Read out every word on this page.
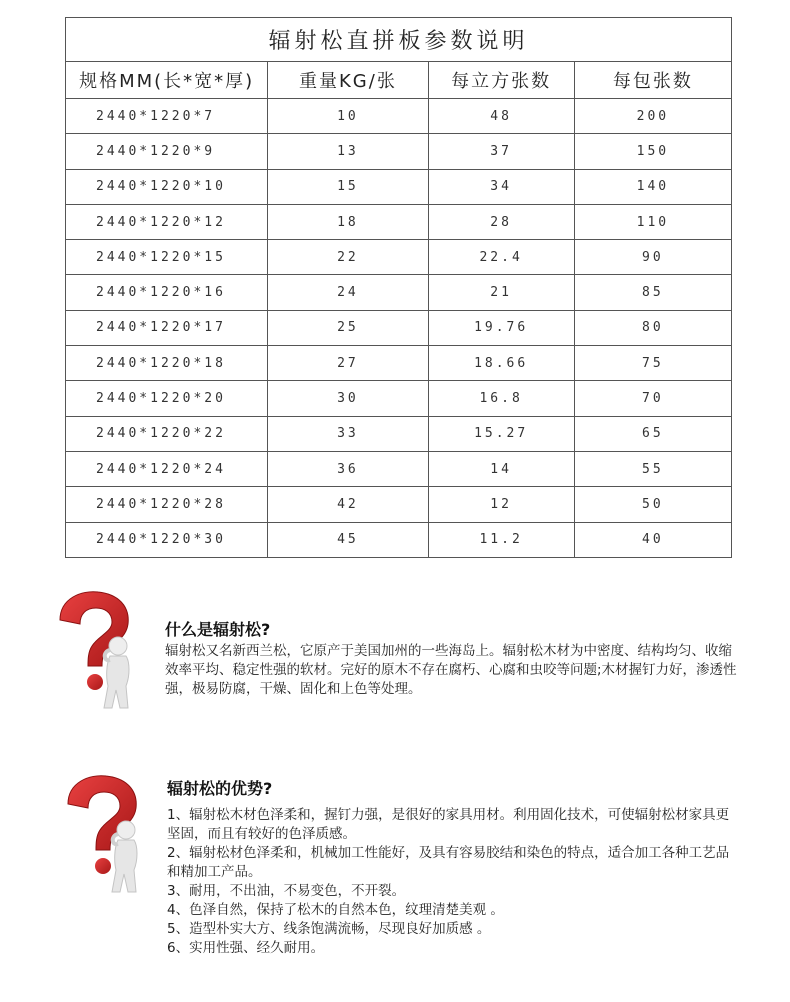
辐射松直拼板参数说明			
规格MM(长*宽*厚)	重量KG/张	每立方张数	每包张数
2440*1220*7	10	48	200
2440*1220*9	13	37	150
2440*1220*10	15	34	140
2440*1220*12	18	28	110
2440*1220*15	22	22.4	90
2440*1220*16	24	21	85
2440*1220*17	25	19.76	80
2440*1220*18	27	18.66	75
2440*1220*20	30	16.8	70
2440*1220*22	33	15.27	65
2440*1220*24	36	14	55
2440*1220*28	42	12	50
2440*1220*30	45	11.2	40
什么是辐射松?

辐射松又名新西兰松，它原产于美国加州的一些海岛上。辐射松木材为中密度、结构均匀、收缩效率平均、稳定性强的软材。完好的原木不存在腐朽、心腐和虫咬等问题;木材握钉力好，渗透性强，极易防腐，干燥、固化和上色等处理。

辐射松的优势?
1、辐射松木材色泽柔和，握钉力强，是很好的家具用材。利用固化技术，可使辐射松材家具更坚固，而且有较好的色泽质感。
2、辐射松材色泽柔和，机械加工性能好，及具有容易胶结和染色的特点，适合加工各种工艺品和精加工产品。
3、耐用，不出油，不易变色，不开裂。
4、色泽自然，保持了松木的自然本色，纹理清楚美观 。
5、造型朴实大方、线条饱满流畅，尽现良好加质感 。
6、实用性强、经久耐用。
